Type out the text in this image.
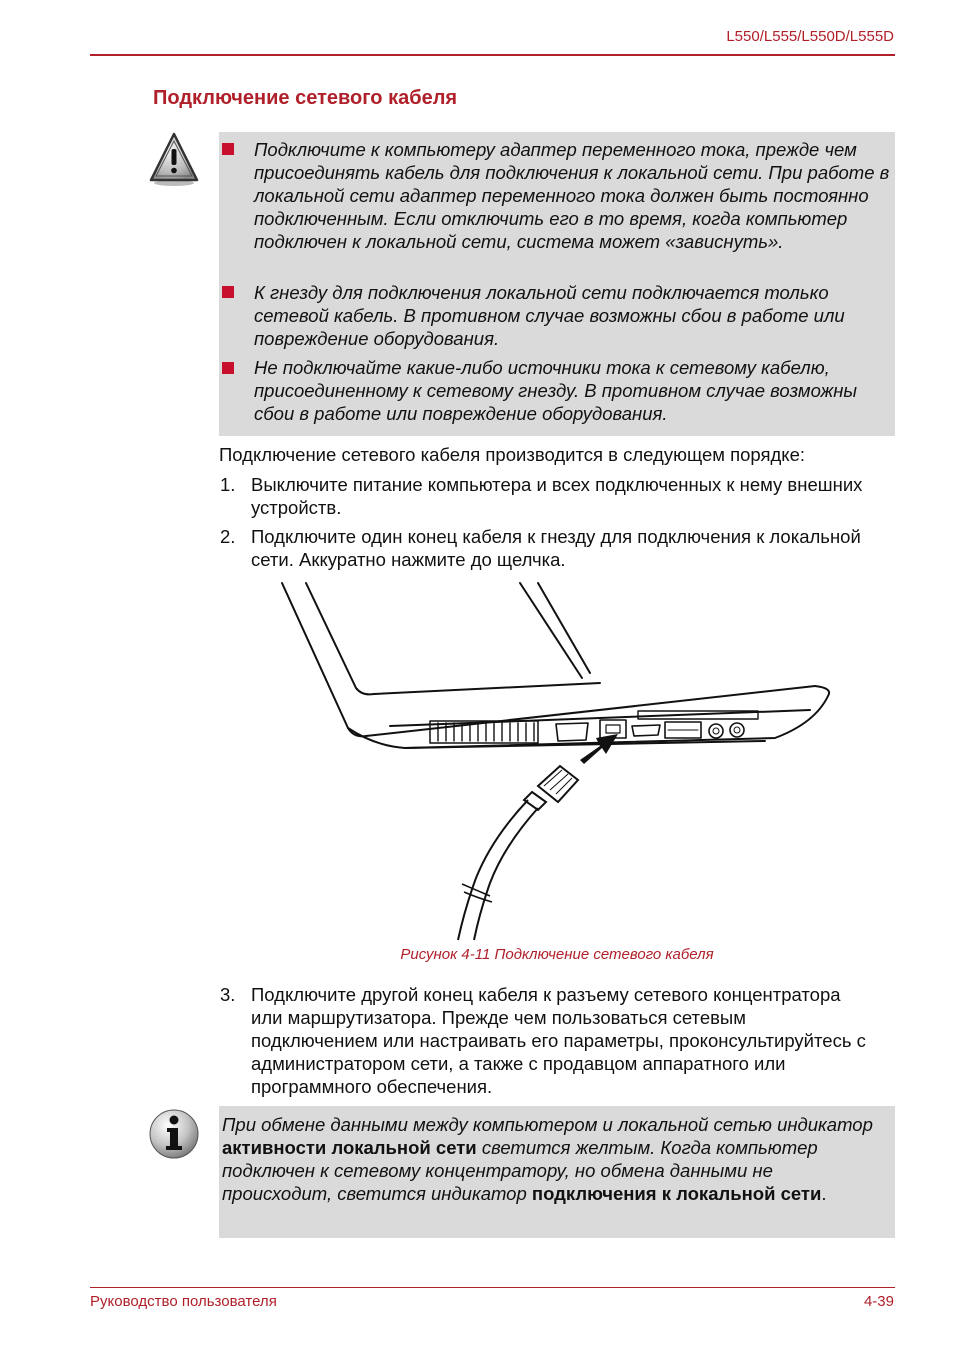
L550/L555/L550D/L555D
Подключение сетевого кабеля
Подключите к компьютеру адаптер переменного тока, прежде чем присоединять кабель для подключения к локальной сети. При работе в локальной сети адаптер переменного тока должен быть постоянно подключенным. Если отключить его в то время, когда компьютер подключен к локальной сети, система может «зависнуть».
К гнезду для подключения локальной сети подключается только сетевой кабель. В противном случае возможны сбои в работе или повреждение оборудования.
Не подключайте какие-либо источники тока к сетевому кабелю, присоединенному к сетевому гнезду. В противном случае возможны сбои в работе или повреждение оборудования.
Подключение сетевого кабеля производится в следующем порядке:
1. Выключите питание компьютера и всех подключенных к нему внешних устройств.
2. Подключите один конец кабеля к гнезду для подключения к локальной сети. Аккуратно нажмите до щелчка.
Рисунок 4-11 Подключение сетевого кабеля
3. Подключите другой конец кабеля к разъему сетевого концентратора или маршрутизатора. Прежде чем пользоваться сетевым подключением или настраивать его параметры, проконсультируйтесь с администратором сети, а также с продавцом аппаратного или программного обеспечения.
При обмене данными между компьютером и локальной сетью индикатор активности локальной сети светится желтым. Когда компьютер подключен к сетевому концентратору, но обмена данными не происходит, светится индикатор подключения к локальной сети.
Руководство пользователя	4-39
